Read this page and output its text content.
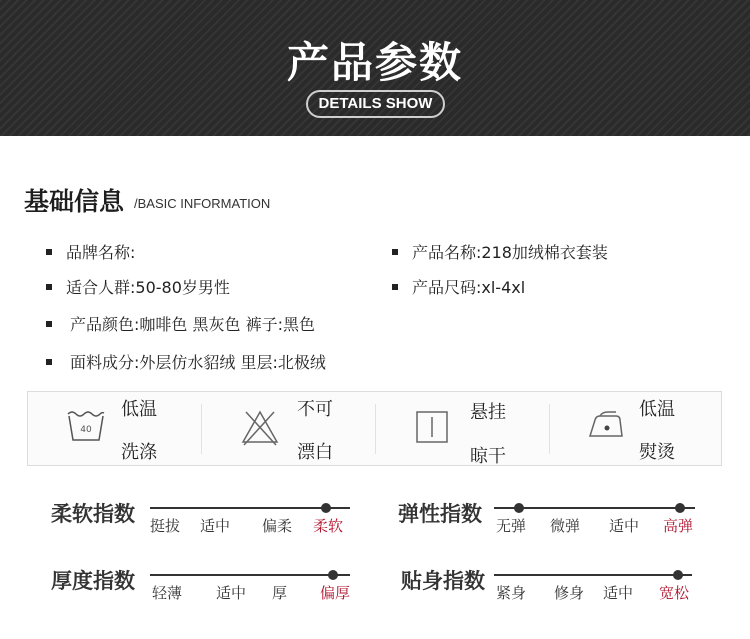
产品参数
DETAILS SHOW
基础信息 /BASIC INFORMATION
品牌名称:	产品名称:218加绒棉衣套装
适合人群:50-80岁男性	产品尺码:xl-4xl
产品颜色:咖啡色 黑灰色 裤子:黑色
面料成分:外层仿水貂绒 里层:北极绒
40
低温
洗涤
不可
漂白
悬挂
晾干
低温
熨烫
柔软指数 挺拔 适中 偏柔 柔软	弹性指数 无弹 微弹 适中 高弹
厚度指数 轻薄 适中 厚 偏厚 贴身指数 紧身 修身 适中 宽松
